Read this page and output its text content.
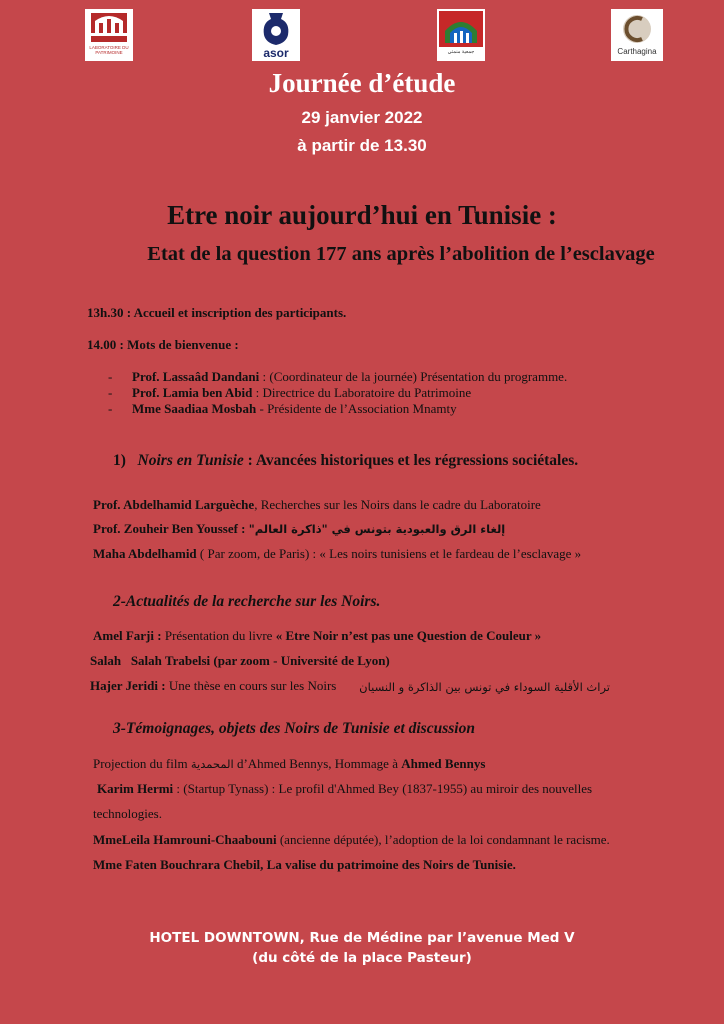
LABORATOIRE DU PATRIMOINE	asor	جمعية منمتي	Carthagina
Journée d’étude
29 janvier 2022
à partir de 13.30
Etre noir aujourd’hui en Tunisie :
Etat de la question 177 ans après l’abolition de l’esclavage
13h.30 : Accueil et inscription des participants.
14.00 : Mots de bienvenue :
- Prof. Lassaâd Dandani : (Coordinateur de la journée) Présentation du programme.
- Prof. Lamia ben Abid : Directrice du Laboratoire du Patrimoine
- Mme Saadiaa Mosbah - Présidente de l’Association Mnamty
1) Noirs en Tunisie : Avancées historiques et les régressions sociétales.
Prof. Abdelhamid Larguèche, Recherches sur les Noirs dans le cadre du Laboratoire
Prof. Zouheir Ben Youssef : إلغاء الرق والعبودية بتونس في "ذاكرة العالم"
Maha Abdelhamid ( Par zoom, de Paris) : « Les noirs tunisiens et le fardeau de l’esclavage »
2-Actualités de la recherche sur les Noirs.
Amel Farji : Présentation du livre « Etre Noir n’est pas une Question de Couleur »
Salah Salah Trabelsi (par zoom - Université de Lyon)
Hajer Jeridi : Une thèse en cours sur les Noirs تراث الأقلية السوداء في تونس بين الذاكرة و النسيان
3-Témoignages, objets des Noirs de Tunisie et discussion
Projection du film المحمدية d’Ahmed Bennys, Hommage à Ahmed Bennys
Karim Hermi : (Startup Tynass) : Le profil d'Ahmed Bey (1837-1955) au miroir des nouvelles
technologies.
MmeLeila Hamrouni-Chaabouni (ancienne députée), l’adoption de la loi condamnant le racisme.
Mme Faten Bouchrara Chebil, La valise du patrimoine des Noirs de Tunisie.
HOTEL DOWNTOWN, Rue de Médine par l’avenue Med V
(du côté de la place Pasteur)
